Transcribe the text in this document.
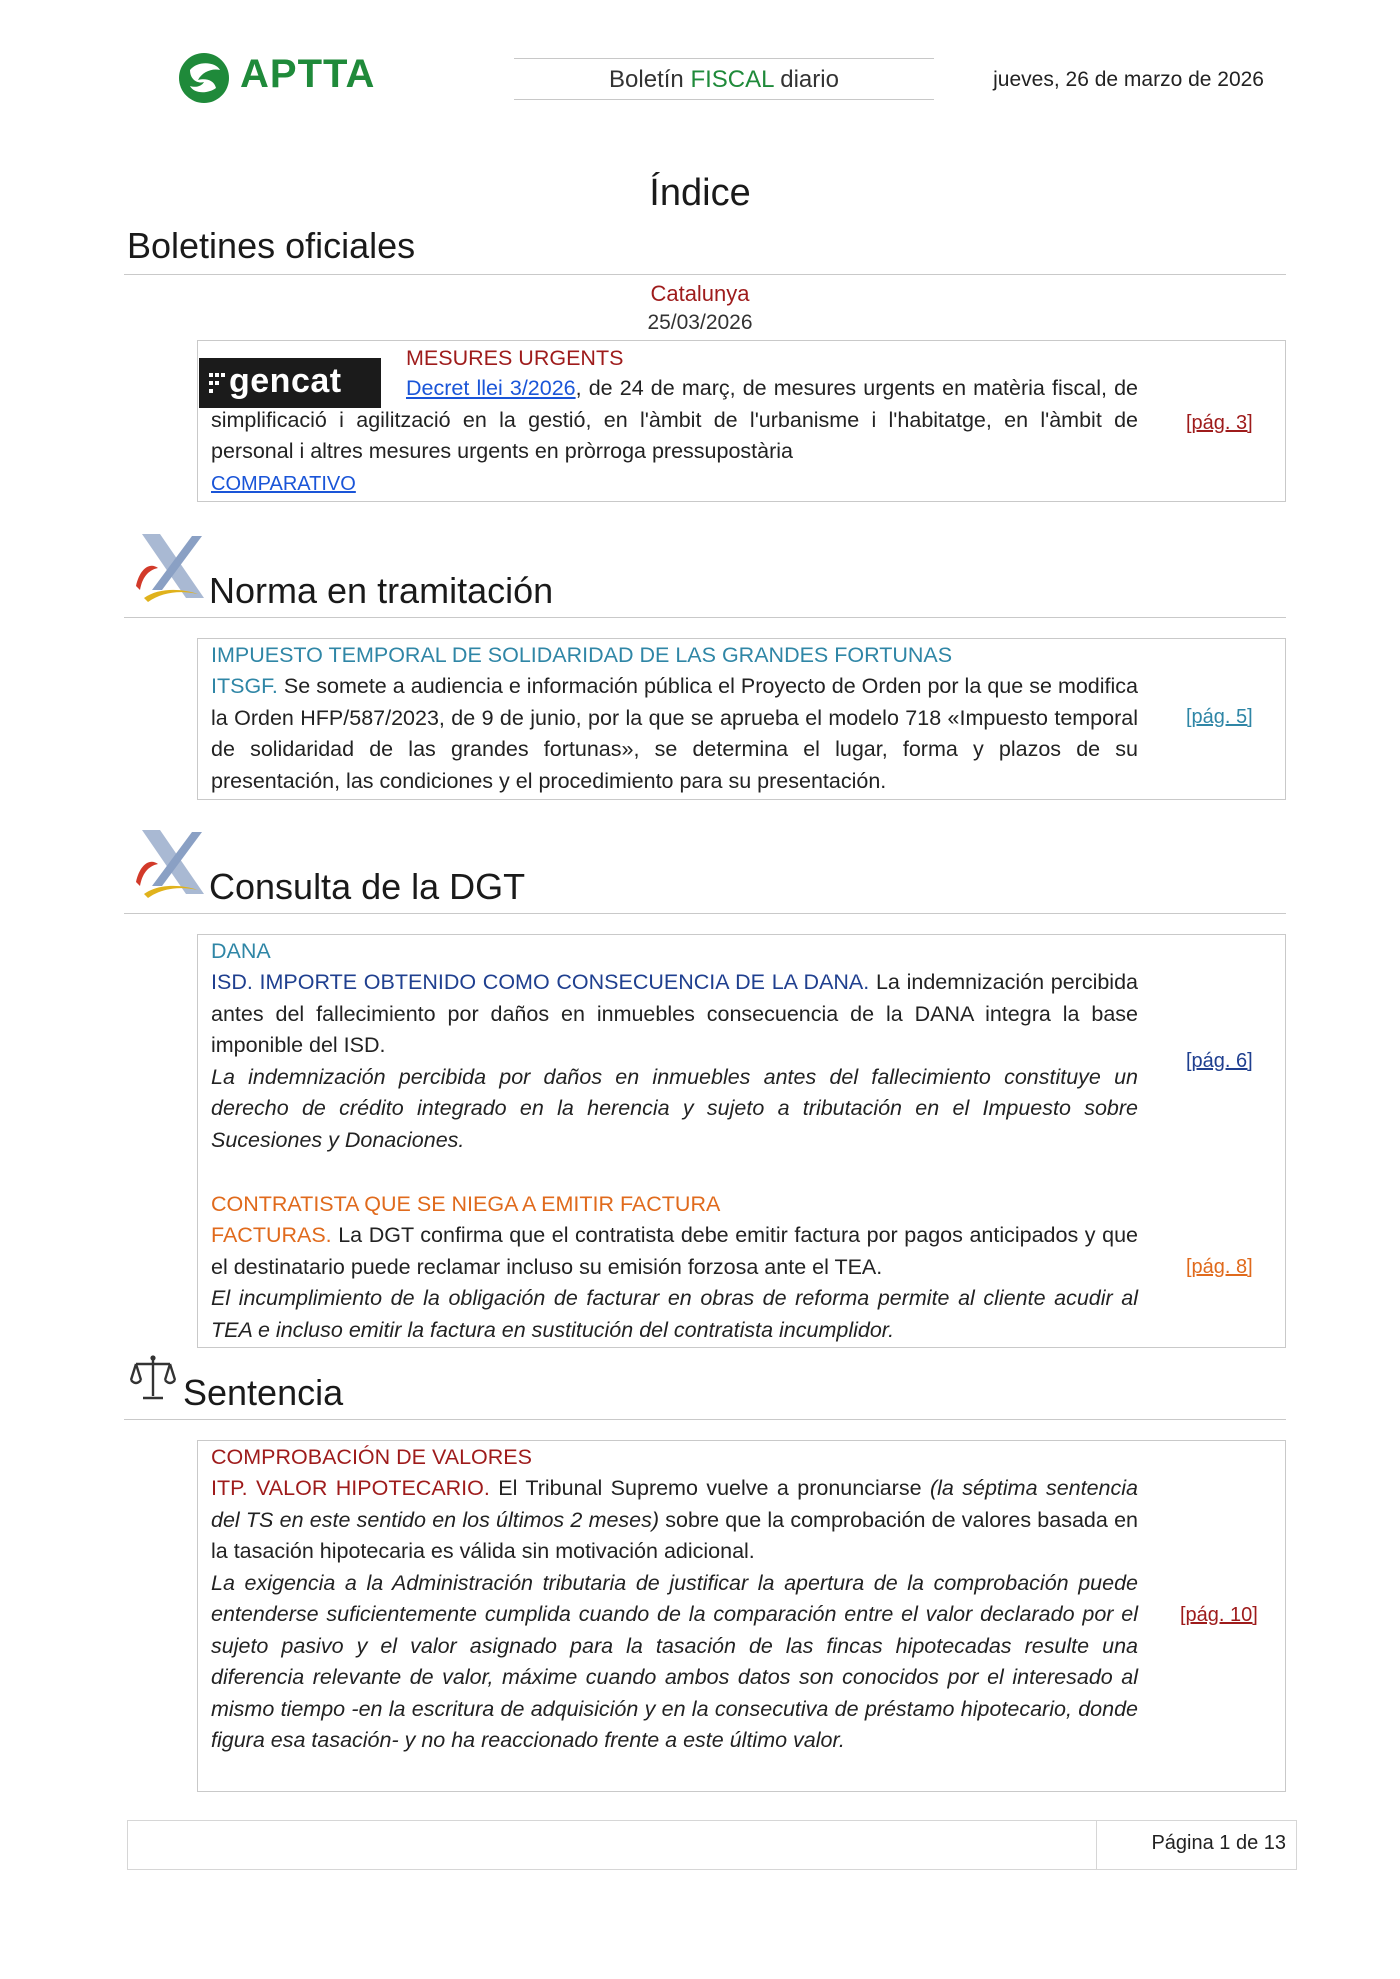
APTTA	Boletín FISCAL diario	jueves, 26 de marzo de 2026
Índice
Boletines oficiales
Catalunya
25/03/2026
gencat
MESURES URGENTS
Decret llei 3/2026, de 24 de març, de mesures urgents en matèria fiscal, de simplificació i agilització en la gestió, en l'àmbit de l'urbanisme i l'habitatge, en l'àmbit de personal i altres mesures urgents en pròrroga pressupostària
COMPARATIVO
[pág. 3]
Norma en tramitación
IMPUESTO TEMPORAL DE SOLIDARIDAD DE LAS GRANDES FORTUNAS
ITSGF. Se somete a audiencia e información pública el Proyecto de Orden por la que se modifica la Orden HFP/587/2023, de 9 de junio, por la que se aprueba el modelo 718 «Impuesto temporal de solidaridad de las grandes fortunas», se determina el lugar, forma y plazos de su presentación, las condiciones y el procedimiento para su presentación.
[pág. 5]
Consulta de la DGT
DANA
ISD. IMPORTE OBTENIDO COMO CONSECUENCIA DE LA DANA. La indemnización percibida antes del fallecimiento por daños en inmuebles consecuencia de la DANA integra la base imponible del ISD.
La indemnización percibida por daños en inmuebles antes del fallecimiento constituye un derecho de crédito integrado en la herencia y sujeto a tributación en el Impuesto sobre Sucesiones y Donaciones.
[pág. 6]
CONTRATISTA QUE SE NIEGA A EMITIR FACTURA
FACTURAS. La DGT confirma que el contratista debe emitir factura por pagos anticipados y que el destinatario puede reclamar incluso su emisión forzosa ante el TEA.
El incumplimiento de la obligación de facturar en obras de reforma permite al cliente acudir al TEA e incluso emitir la factura en sustitución del contratista incumplidor.
[pág. 8]
Sentencia
COMPROBACIÓN DE VALORES
ITP. VALOR HIPOTECARIO. El Tribunal Supremo vuelve a pronunciarse (la séptima sentencia del TS en este sentido en los últimos 2 meses) sobre que la comprobación de valores basada en la tasación hipotecaria es válida sin motivación adicional.
La exigencia a la Administración tributaria de justificar la apertura de la comprobación puede entenderse suficientemente cumplida cuando de la comparación entre el valor declarado por el sujeto pasivo y el valor asignado para la tasación de las fincas hipotecadas resulte una diferencia relevante de valor, máxime cuando ambos datos son conocidos por el interesado al mismo tiempo -en la escritura de adquisición y en la consecutiva de préstamo hipotecario, donde figura esa tasación- y no ha reaccionado frente a este último valor.
[pág. 10]
Página 1 de 13
